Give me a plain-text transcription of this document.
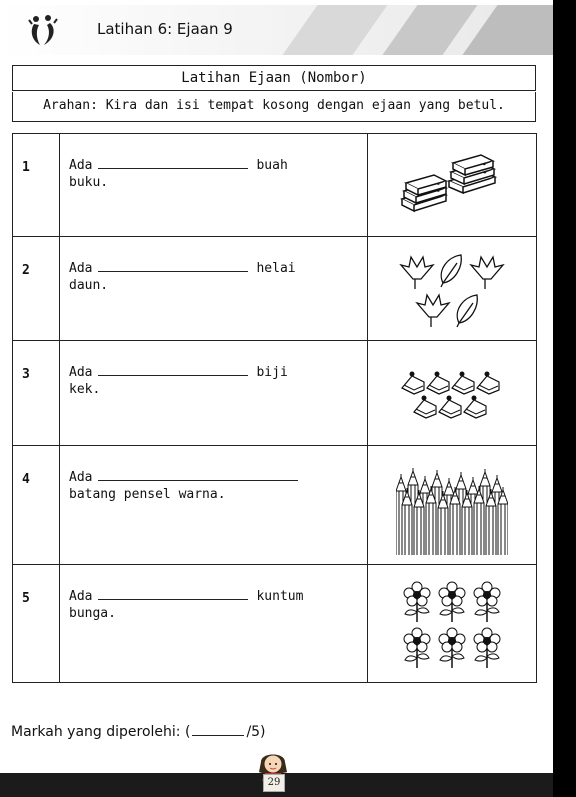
Latihan 6: Ejaan 9
Latihan Ejaan (Nombor)
Arahan: Kira dan isi tempat kosong dengan ejaan yang betul.
1	Ada buah
buku.

2	Ada helai
daun.

3	Ada biji
kek.

4	Ada
batang pensel warna.

5	Ada kuntum
bunga.

Markah yang diperolehi: (	/5)
29
